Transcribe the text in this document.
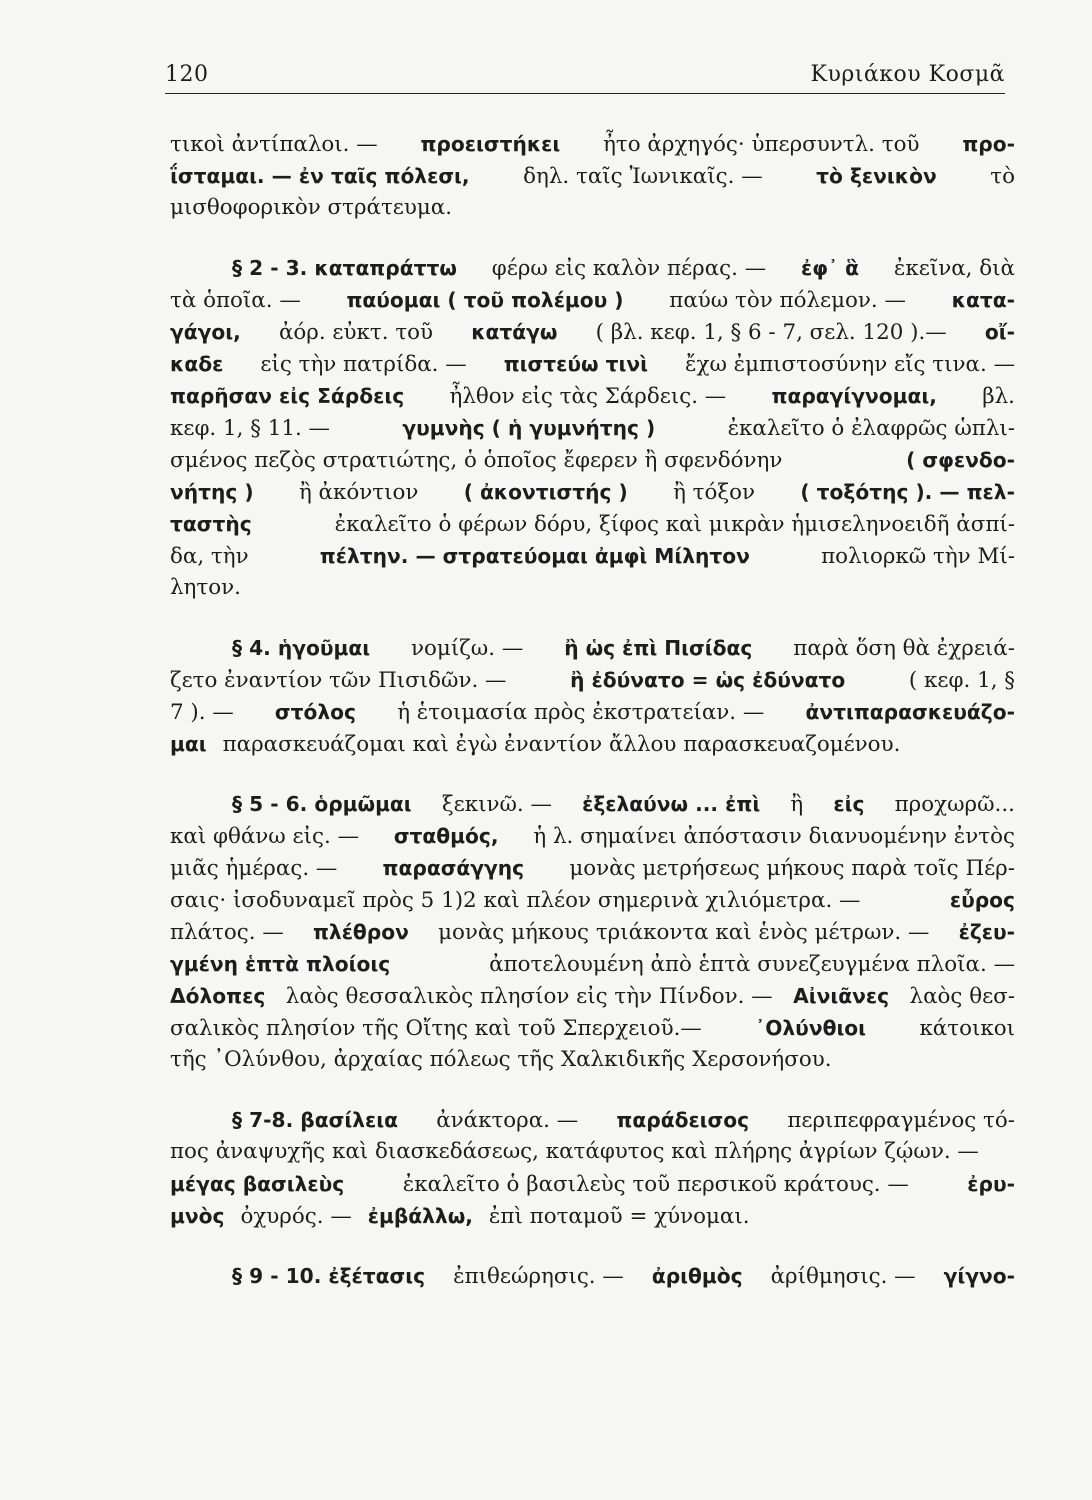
120	Κυριάκου Κοσμᾶ
τικοὶ ἀντίπαλοι. — προειστήκει ἦτο ἀρχηγός· ὑπερσυντλ. τοῦ προ-
ΐσταμαι. — ἐν ταῖς πόλεσι,	δηλ. ταῖς Ἰωνικαῖς. —	τὸ ξενικὸν	τὸ
μισθοφορικὸν στράτευμα.
§ 2 - 3. καταπράττω φέρω εἰς καλὸν πέρας. — ἐφ᾽ ἃ ἐκεῖνα, διὰ
τὰ ὁποῖα. — παύομαι ( τοῦ πολέμου ) παύω τὸν πόλεμον. — κατα-
γάγοι, ἀόρ. εὐκτ. τοῦ κατάγω ( βλ. κεφ. 1, § 6 - 7, σελ. 120 ).— οἴ-
καδε εἰς τὴν πατρίδα. — πιστεύω τινὶ ἔχω ἐμπιστοσύνην εἴς τινα. —
παρῆσαν εἰς Σάρδεις ἦλθον εἰς τὰς Σάρδεις. — παραγίγνομαι, βλ.
κεφ. 1, § 11. —	γυμνὴς ( ἡ γυμνήτης )	ἐκαλεῖτο ὁ ἐλαφρῶς ὡπλι-
σμένος πεζὸς στρατιώτης, ὁ ὁποῖος ἔφερεν ἢ σφενδόνην	( σφενδο-
νήτης ) ἢ ἀκόντιον ( ἀκοντιστής ) ἢ τόξον ( τοξότης ). — πελ-
ταστὴς	ἐκαλεῖτο ὁ φέρων δόρυ, ξίφος καὶ μικρὰν ἡμισεληνοειδῆ ἀσπί-
δα, τὴν	πέλτην. — στρατεύομαι ἀμφὶ Μίλητον	πολιορκῶ τὴν Μί-
λητον.
§ 4. ἡγοῦμαι νομίζω. — ἢ ὡς ἐπὶ Πισίδας παρὰ ὅση θὰ ἐχρειά-
ζετο ἐναντίον τῶν Πισιδῶν. —	ἢ ἐδύνατο = ὡς ἐδύνατο	( κεφ. 1, §
7 ). — στόλος ἡ ἑτοιμασία πρὸς ἐκστρατείαν. — ἀντιπαρασκευάζο-
μαι παρασκευάζομαι καὶ ἐγὼ ἐναντίον ἄλλου παρασκευαζομένου.
§ 5 - 6. ὁρμῶμαι ξεκινῶ. — ἐξελαύνω ... ἐπὶ ἢ εἰς προχωρῶ...
καὶ φθάνω εἰς. — σταθμός, ἡ λ. σημαίνει ἀπόστασιν διανυομένην ἐντὸς
μιᾶς ἡμέρας. — παρασάγγης μονὰς μετρήσεως μήκους παρὰ τοῖς Πέρ-
σαις· ἰσοδυναμεῖ πρὸς 5 1)2 καὶ πλέον σημερινὰ χιλιόμετρα. —	εὖρος
πλάτος. — πλέθρον μονὰς μήκους τριάκοντα καὶ ἑνὸς μέτρων. — ἐζευ-
γμένη ἑπτὰ πλοίοις	ἀποτελουμένη ἀπὸ ἑπτὰ συνεζευγμένα πλοῖα. —
Δόλοπες λαὸς θεσσαλικὸς πλησίον εἰς τὴν Πίνδον. — Αἰνιᾶνες λαὸς θεσ-
σαλικὸς πλησίον τῆς Οἴτης καὶ τοῦ Σπερχειοῦ.—	᾽Ολύνθιοι κάτοικοι
τῆς ᾽Ολύνθου, ἀρχαίας πόλεως τῆς Χαλκιδικῆς Χερσονήσου.
§ 7-8. βασίλεια ἀνάκτορα. — παράδεισος περιπεφραγμένος τό-
πος ἀναψυχῆς καὶ διασκεδάσεως, κατάφυτος καὶ πλήρης ἀγρίων ζῴων. —
μέγας βασιλεὺς	ἐκαλεῖτο ὁ βασιλεὺς τοῦ περσικοῦ κράτους. —	ἐρυ-
μνὸς ὀχυρός. — ἐμβάλλω, ἐπὶ ποταμοῦ = χύνομαι.
§ 9 - 10. ἐξέτασις ἐπιθεώρησις. — ἀριθμὸς ἀρίθμησις. — γίγνο-
